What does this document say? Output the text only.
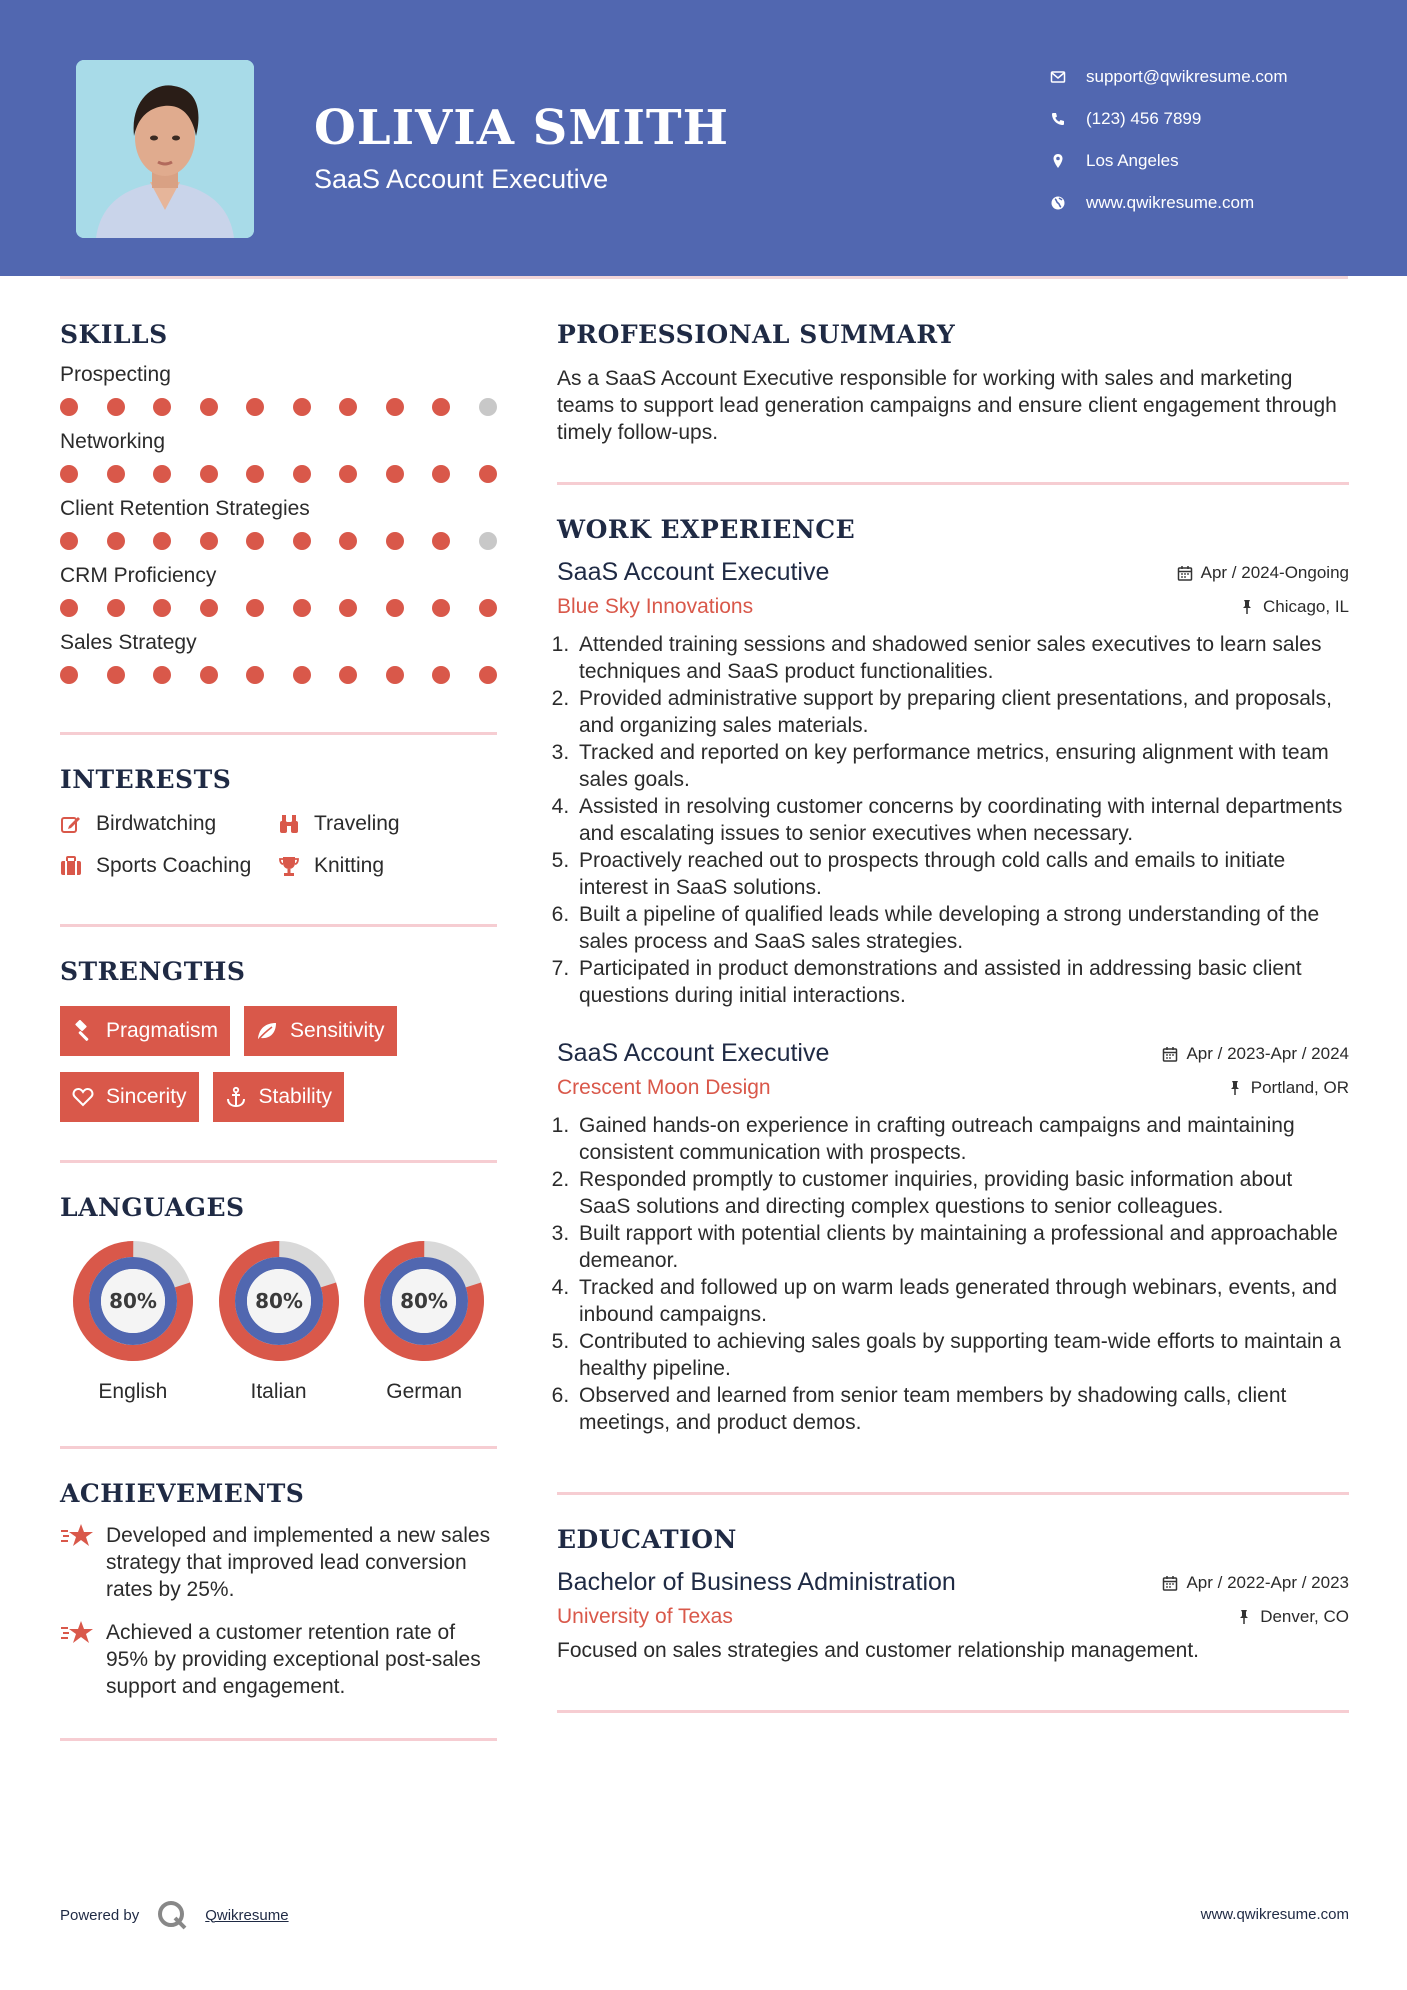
OLIVIA SMITH
SaaS Account Executive
support@qwikresume.com
(123) 456 7899
Los Angeles
www.qwikresume.com
SKILLS
Prospecting
Networking
Client Retention Strategies
CRM Proficiency
Sales Strategy
INTERESTS
Birdwatching	Traveling
Sports Coaching	Knitting
STRENGTHS
Pragmatism	Sensitivity
Sincerity	Stability
LANGUAGES
80%
English
80%
Italian
80%
German
ACHIEVEMENTS
Developed and implemented a new sales strategy that improved lead conversion rates by 25%.
Achieved a customer retention rate of 95% by providing exceptional post-sales support and engagement.
PROFESSIONAL SUMMARY
As a SaaS Account Executive responsible for working with sales and marketing teams to support lead generation campaigns and ensure client engagement through timely follow-ups.
WORK EXPERIENCE
SaaS Account Executive	Apr / 2024-Ongoing
Blue Sky Innovations	Chicago, IL
1. Attended training sessions and shadowed senior sales executives to learn sales techniques and SaaS product functionalities.
2. Provided administrative support by preparing client presentations, and proposals, and organizing sales materials.
3. Tracked and reported on key performance metrics, ensuring alignment with team sales goals.
4. Assisted in resolving customer concerns by coordinating with internal departments and escalating issues to senior executives when necessary.
5. Proactively reached out to prospects through cold calls and emails to initiate interest in SaaS solutions.
6. Built a pipeline of qualified leads while developing a strong understanding of the sales process and SaaS sales strategies.
7. Participated in product demonstrations and assisted in addressing basic client questions during initial interactions.
SaaS Account Executive	Apr / 2023-Apr / 2024
Crescent Moon Design	Portland, OR
1. Gained hands-on experience in crafting outreach campaigns and maintaining consistent communication with prospects.
2. Responded promptly to customer inquiries, providing basic information about SaaS solutions and directing complex questions to senior colleagues.
3. Built rapport with potential clients by maintaining a professional and approachable demeanor.
4. Tracked and followed up on warm leads generated through webinars, events, and inbound campaigns.
5. Contributed to achieving sales goals by supporting team-wide efforts to maintain a healthy pipeline.
6. Observed and learned from senior team members by shadowing calls, client meetings, and product demos.
EDUCATION
Bachelor of Business Administration	Apr / 2022-Apr / 2023
University of Texas	Denver, CO
Focused on sales strategies and customer relationship management.
Powered by	Qwikresume	www.qwikresume.com
